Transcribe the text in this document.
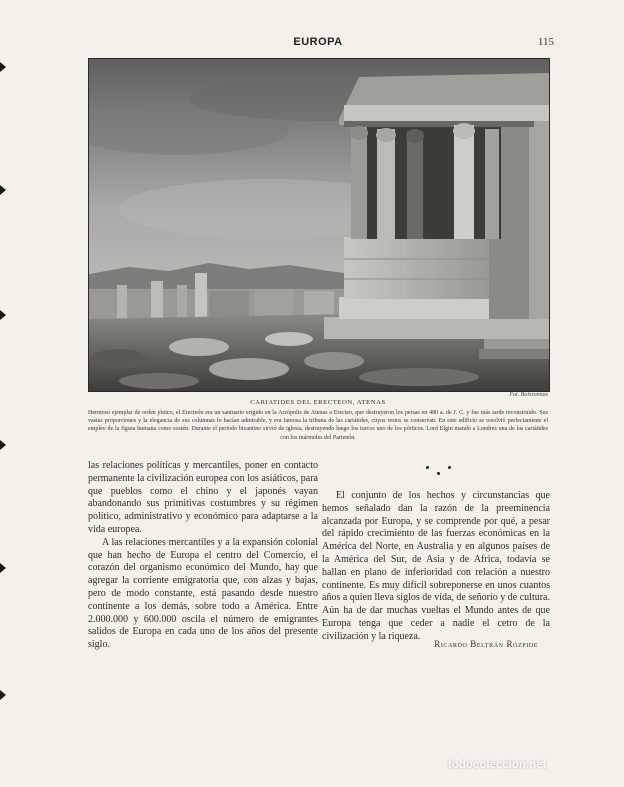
EUROPA	115
Fot. Boissonnas
CARIATIDES DEL ERECTEON, ATENAS
Hermoso ejemplar de orden jónico, el Erecteón era un santuario erigido en la Acrópolis de Atenas a Erecteo, que destruyeron los persas en 480 a. de J. C. y fue más tarde reconstruido. Sus vastas proporciones y la elegancia de sus columnas lo hacían admirable, y era famosa la tribuna de las cariátides, cuyos restos se conservan. En este edificio se resolvió perfectamente el empleo de la figura humana como sostén. Durante el periodo bizantino sirvió de iglesia, destruyendo luego los turcos uno de los pórticos. Lord Elgin mandó a Londres una de las cariátides con los mármoles del Partenón.

las relaciones políticas y mercantiles, poner en contacto permanente la civilización europea con los asiáticos, para que pueblos como el chino y el japonés vayan abandonando sus primitivas costumbres y su régimen político, administrativo y económico para adaptarse a la vida europea.

A las relaciones mercantiles y a la expansión colonial que han hecho de Europa el centro del Comercio, el corazón del organismo económico del Mundo, hay que agregar la corriente emigratoria que, con alzas y bajas, pero de modo constante, está pasando desde nuestro continente a los demás, sobre todo a América. Entre 2.000.000 y 600.000 oscila el número de emigrantes salidos de Europa en cada uno de los años del presente siglo.

El conjunto de los hechos y circunstancias que hemos señalado dan la razón de la preeminencia alcanzada por Europa, y se comprende por qué, a pesar del rápido crecimiento de las fuerzas económicas en la América del Norte, en Australia y en algunos países de la América del Sur, de Asia y de Africa, todavía se hallan en plano de inferioridad con relación a nuestro continente. Es muy difícil sobreponerse en unos cuantos años a quien lleva siglos de vida, de señorío y de cultura. Aún ha de dar muchas vueltas el Mundo antes de que Europa tenga que ceder a nadie el cetro de la civilización y la riqueza.

Ricardo Beltrán Rózpide
todocoleccion.net
